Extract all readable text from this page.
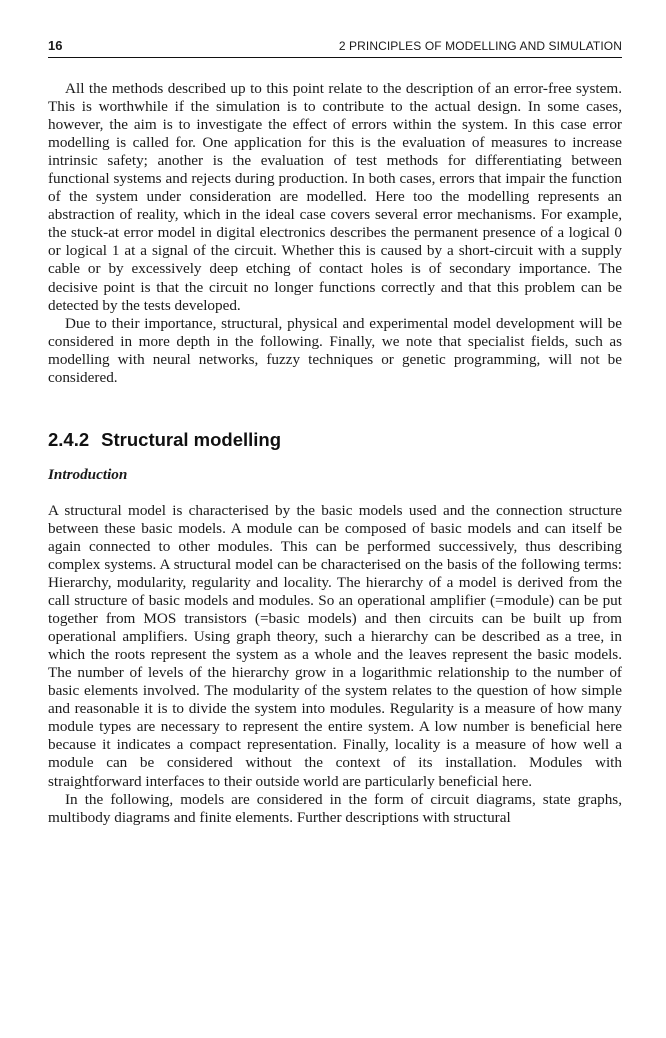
16	2 PRINCIPLES OF MODELLING AND SIMULATION

All the methods described up to this point relate to the description of an error-free system. This is worthwhile if the simulation is to contribute to the actual design. In some cases, however, the aim is to investigate the effect of errors within the system. In this case error modelling is called for. One application for this is the evaluation of measures to increase intrinsic safety; another is the evaluation of test methods for differentiating between functional systems and rejects during production. In both cases, errors that impair the function of the system under consideration are modelled. Here too the modelling represents an abstraction of reality, which in the ideal case covers several error mechanisms. For example, the stuck-at error model in digital electronics describes the permanent presence of a logical 0 or logical 1 at a signal of the circuit. Whether this is caused by a short-circuit with a supply cable or by excessively deep etching of contact holes is of secondary importance. The decisive point is that the circuit no longer functions correctly and that this problem can be detected by the tests developed.

Due to their importance, structural, physical and experimental model development will be considered in more depth in the following. Finally, we note that specialist fields, such as modelling with neural networks, fuzzy techniques or genetic programming, will not be considered.

2.4.2 Structural modelling
Introduction

A structural model is characterised by the basic models used and the connection structure between these basic models. A module can be composed of basic models and can itself be again connected to other modules. This can be performed successively, thus describing complex systems. A structural model can be characterised on the basis of the following terms: Hierarchy, modularity, regularity and locality. The hierarchy of a model is derived from the call structure of basic models and modules. So an operational amplifier (=module) can be put together from MOS transistors (=basic models) and then circuits can be built up from operational amplifiers. Using graph theory, such a hierarchy can be described as a tree, in which the roots represent the system as a whole and the leaves represent the basic models. The number of levels of the hierarchy grow in a logarithmic relationship to the number of basic elements involved. The modularity of the system relates to the question of how simple and reasonable it is to divide the system into modules. Regularity is a measure of how many module types are necessary to represent the entire system. A low number is beneficial here because it indicates a compact representation. Finally, locality is a measure of how well a module can be considered without the context of its installation. Modules with straightforward interfaces to their outside world are particularly beneficial here.

In the following, models are considered in the form of circuit diagrams, state graphs, multibody diagrams and finite elements. Further descriptions with structural
